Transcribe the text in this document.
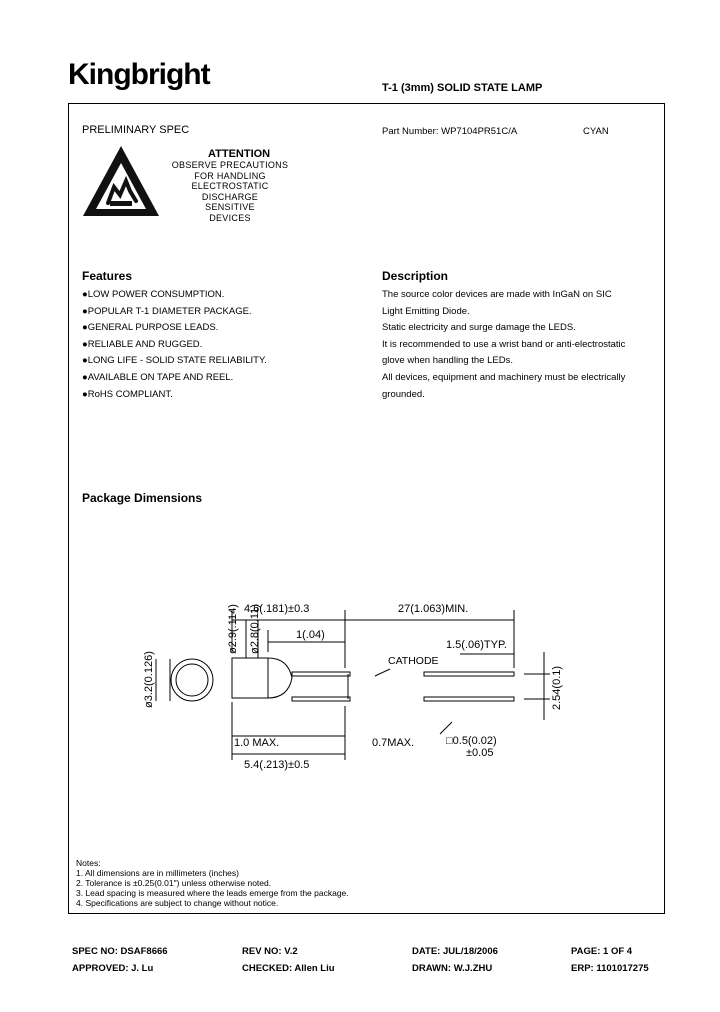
Kingbright	T-1 (3mm) SOLID STATE LAMP
PRELIMINARY SPEC	Part Number: WP7104PR51C/A	CYAN
ATTENTION
OBSERVE PRECAUTIONS
FOR HANDLING
ELECTROSTATIC
DISCHARGE
SENSITIVE
DEVICES
Features
●LOW POWER CONSUMPTION.
●POPULAR T-1 DIAMETER PACKAGE.
●GENERAL PURPOSE LEADS.
●RELIABLE AND RUGGED.
●LONG LIFE - SOLID STATE RELIABILITY.
●AVAILABLE ON TAPE AND REEL.
●RoHS COMPLIANT.
Description
The source color devices are made with InGaN on SIC
Light Emitting Diode.
Static electricity and surge damage the LEDS.
It is recommended to use a wrist band or anti-electrostatic
glove when handling the LEDs.
All devices, equipment and machinery must be electrically
grounded.
Package Dimensions
4.6(.181)±0.3	27(1.063)MIN.
1(.04)
1.5(.06)TYP.
CATHODE
1.0 MAX.	0.7MAX.	□0.5(0.02)
±0.05
5.4(.213)±0.5
ø2.9(.114) ø2.8(0.11)
ø3.2(0.126)	2.54(0.1)
Notes:
1. All dimensions are in millimeters (inches)
2. Tolerance is ±0.25(0.01") unless otherwise noted.
3. Lead spacing is measured where the leads emerge from the package.
4. Specifications are subject to change without notice.
SPEC NO: DSAF8666	REV NO: V.2	DATE: JUL/18/2006	PAGE: 1 OF 4
APPROVED: J. Lu	CHECKED: Allen Liu	DRAWN: W.J.ZHU	ERP: 1101017275
